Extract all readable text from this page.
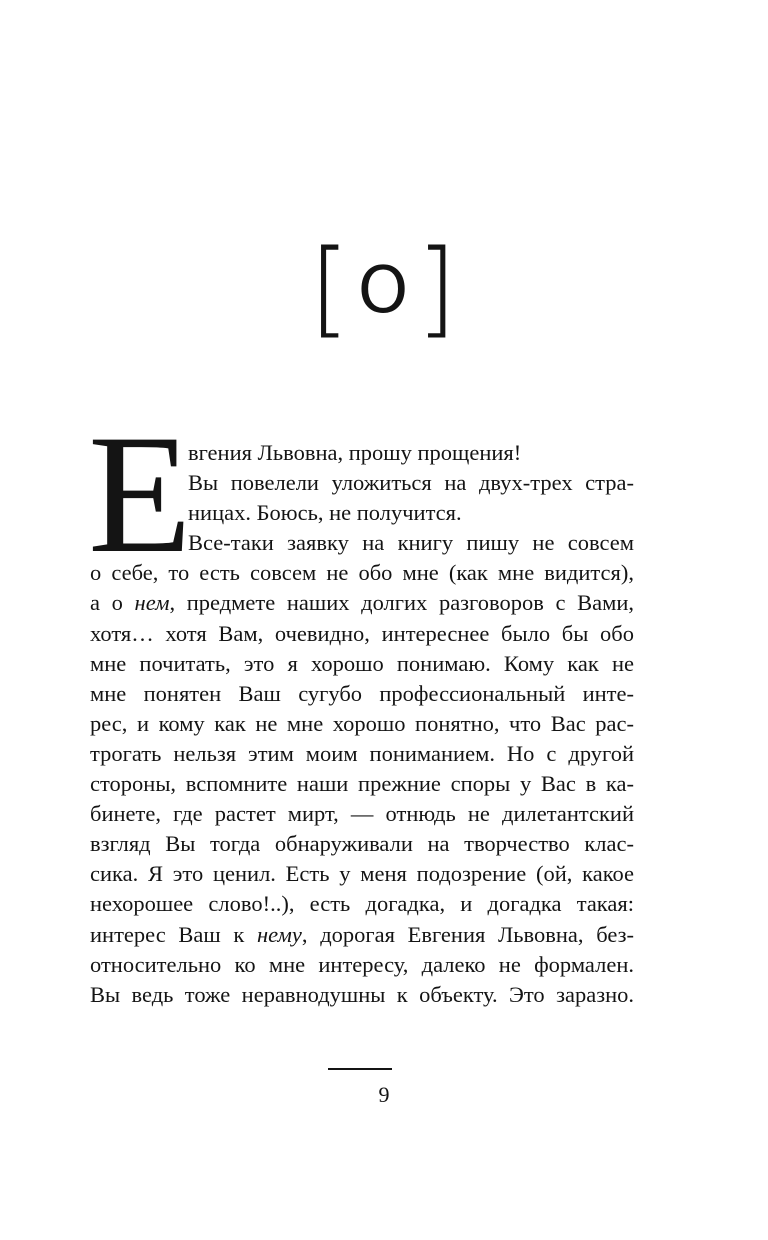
[О]
Е
вгения Львовна, прошу прощения!
Вы повелели уложиться на двух-трех стра-
ницах. Боюсь, не получится.
Все-таки заявку на книгу пишу не совсем
о себе, то есть совсем не обо мне (как мне видится),
а о нем, предмете наших долгих разговоров с Вами,
хотя… хотя Вам, очевидно, интереснее было бы обо
мне почитать, это я хорошо понимаю. Кому как не
мне понятен Ваш сугубо профессиональный инте-
рес, и кому как не мне хорошо понятно, что Вас рас-
трогать нельзя этим моим пониманием. Но с другой
стороны, вспомните наши прежние споры у Вас в ка-
бинете, где растет мирт, — отнюдь не дилетантский
взгляд Вы тогда обнаруживали на творчество клас-
сика. Я это ценил. Есть у меня подозрение (ой, какое
нехорошее слово!..), есть догадка, и догадка такая:
интерес Ваш к нему, дорогая Евгения Львовна, без-
относительно ко мне интересу, далеко не формален.
Вы ведь тоже неравнодушны к объекту. Это заразно.
9
